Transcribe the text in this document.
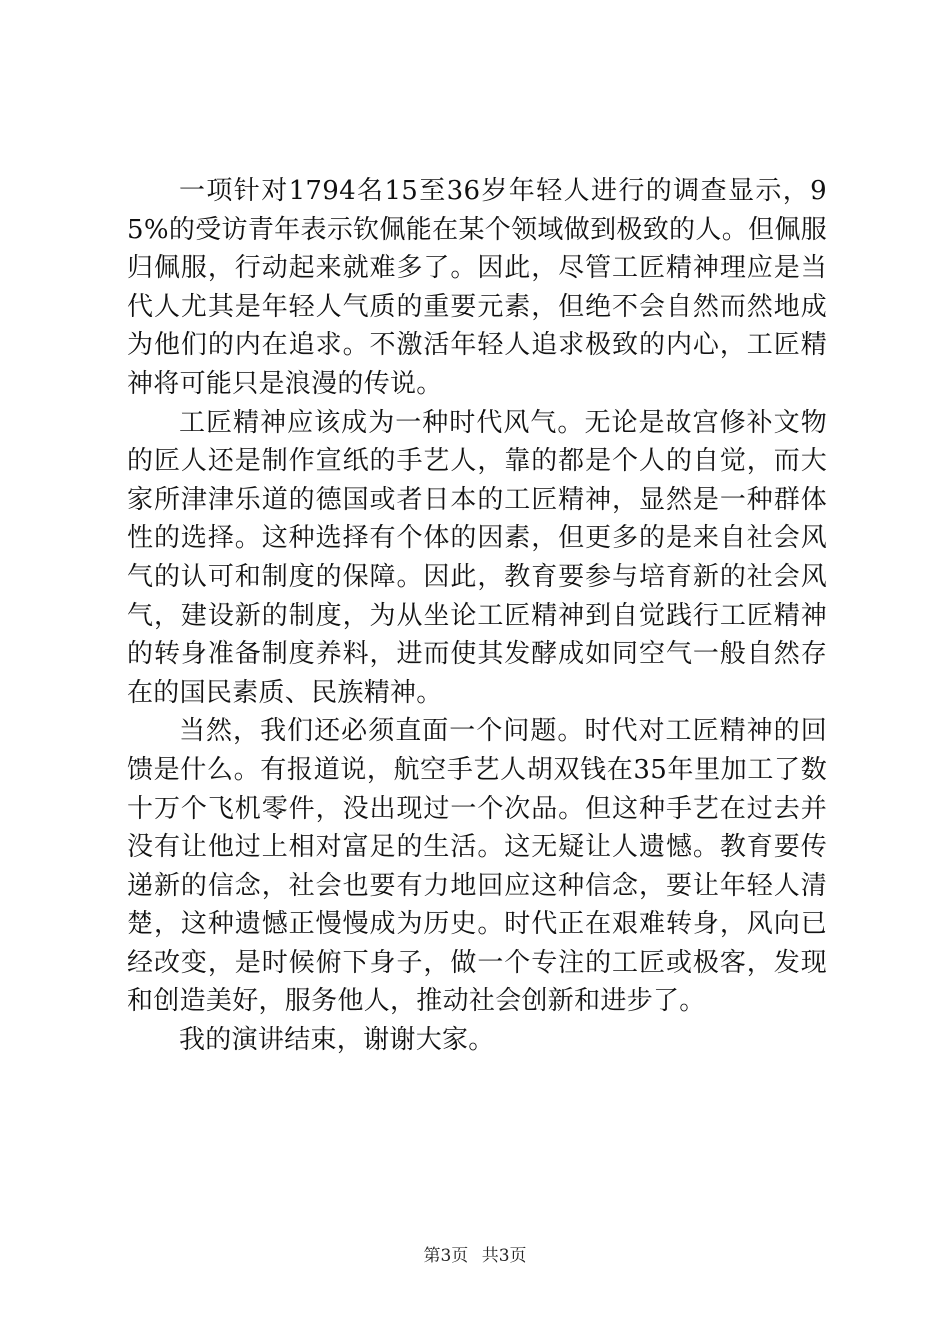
一项针对1794名15至36岁年轻人进行的调查显示，95%的受访青年表示钦佩能在某个领域做到极致的人。但佩服归佩服，行动起来就难多了。因此，尽管工匠精神理应是当代人尤其是年轻人气质的重要元素，但绝不会自然而然地成为他们的内在追求。不激活年轻人追求极致的内心，工匠精神将可能只是浪漫的传说。

工匠精神应该成为一种时代风气。无论是故宫修补文物的匠人还是制作宣纸的手艺人，靠的都是个人的自觉，而大家所津津乐道的德国或者日本的工匠精神，显然是一种群体性的选择。这种选择有个体的因素，但更多的是来自社会风气的认可和制度的保障。因此，教育要参与培育新的社会风气，建设新的制度，为从坐论工匠精神到自觉践行工匠精神的转身准备制度养料，进而使其发酵成如同空气一般自然存在的国民素质、民族精神。

当然，我们还必须直面一个问题。时代对工匠精神的回馈是什么。有报道说，航空手艺人胡双钱在35年里加工了数十万个飞机零件，没出现过一个次品。但这种手艺在过去并没有让他过上相对富足的生活。这无疑让人遗憾。教育要传递新的信念，社会也要有力地回应这种信念，要让年轻人清楚，这种遗憾正慢慢成为历史。时代正在艰难转身，风向已经改变，是时候俯下身子，做一个专注的工匠或极客，发现和创造美好，服务他人，推动社会创新和进步了。

我的演讲结束，谢谢大家。

第3页 共3页
